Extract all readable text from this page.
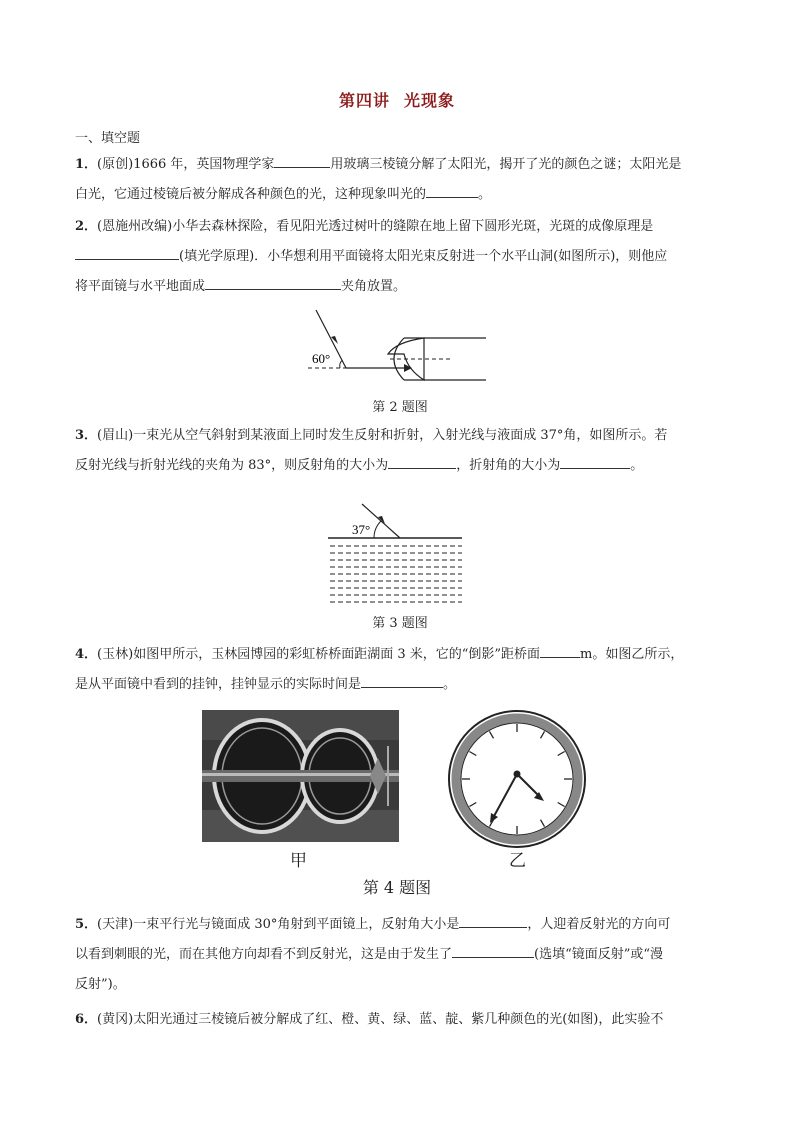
第四讲 光现象
一、填空题
1．(原创)1666 年，英国物理学家	用玻璃三棱镜分解了太阳光，揭开了光的颜色之谜；太阳光是
白光，它通过棱镜后被分解成各种颜色的光，这种现象叫光的	。
2．(恩施州改编)小华去森林探险，看见阳光透过树叶的缝隙在地上留下圆形光斑，光斑的成像原理是
(填光学原理)．小华想利用平面镜将太阳光束反射进一个水平山洞(如图所示)，则他应
将平面镜与水平地面成	夹角放置。
60°
第 2 题图
3．(眉山)一束光从空气斜射到某液面上同时发生反射和折射，入射光线与液面成 37°角，如图所示。若
反射光线与折射光线的夹角为 83°，则反射角的大小为	，折射角的大小为	。
37°
第 3 题图
4．(玉林)如图甲所示，玉林园博园的彩虹桥桥面距湖面 3 米，它的“倒影”距桥面	m。如图乙所示，
是从平面镜中看到的挂钟，挂钟显示的实际时间是	。
甲	乙
第 4 题图
5．(天津)一束平行光与镜面成 30°角射到平面镜上，反射角大小是	，人迎着反射光的方向可
以看到刺眼的光，而在其他方向却看不到反射光，这是由于发生了	(选填“镜面反射”或“漫
反射”)。
6．(黄冈)太阳光通过三棱镜后被分解成了红、橙、黄、绿、蓝、靛、紫几种颜色的光(如图)，此实验不
